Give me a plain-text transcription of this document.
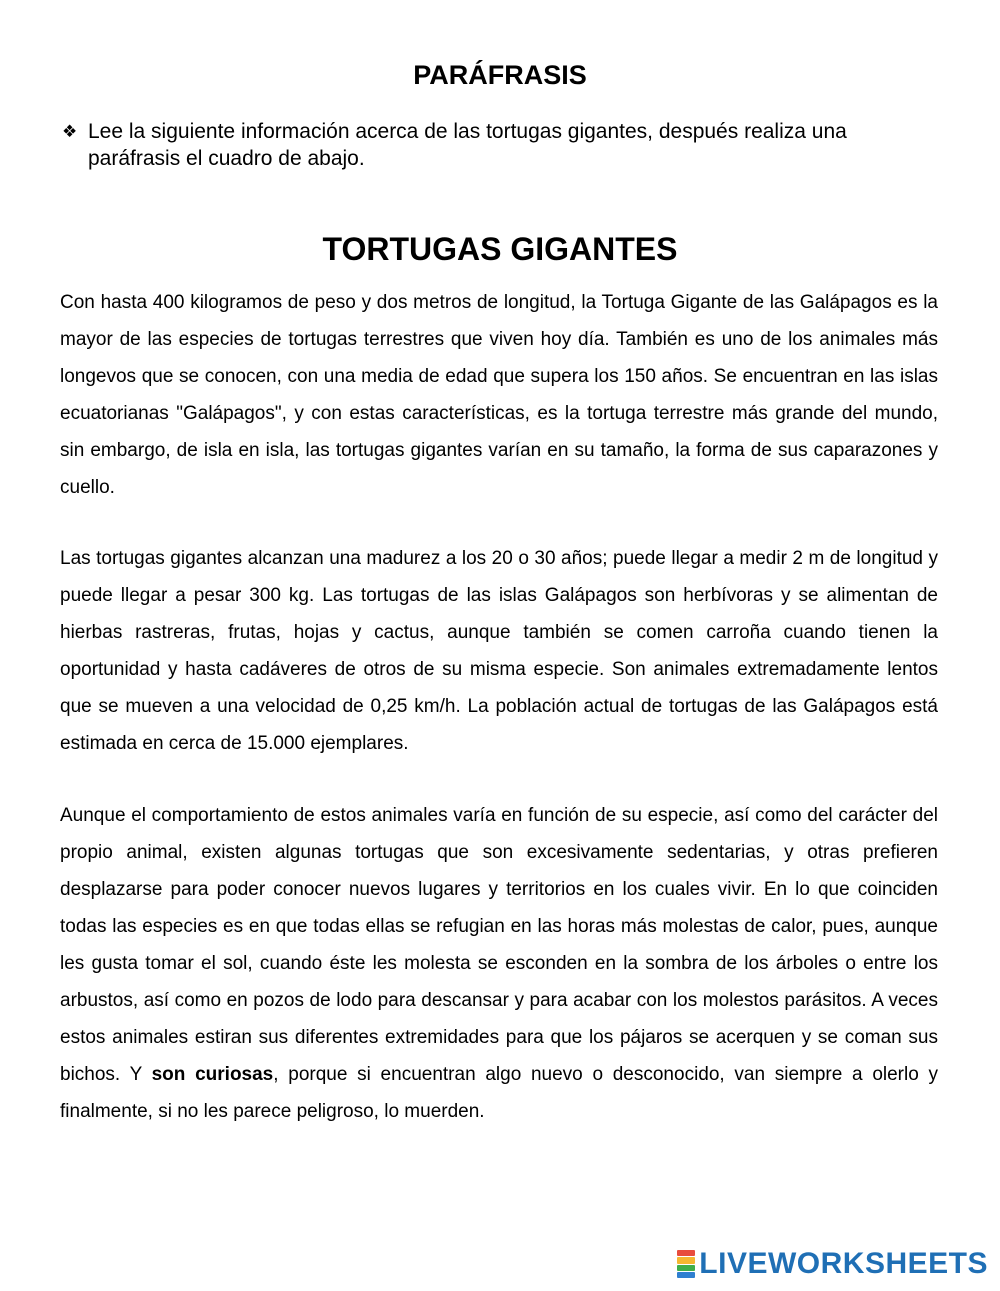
PARÁFRASIS
❖ Lee la siguiente información acerca de las tortugas gigantes, después realiza una paráfrasis el cuadro de abajo.
TORTUGAS GIGANTES

Con hasta 400 kilogramos de peso y dos metros de longitud, la Tortuga Gigante de las Galápagos es la mayor de las especies de tortugas terrestres que viven hoy día. También es uno de los animales más longevos que se conocen, con una media de edad que supera los 150 años. Se encuentran en las islas ecuatorianas "Galápagos", y con estas características, es la tortuga terrestre más grande del mundo, sin embargo, de isla en isla, las tortugas gigantes varían en su tamaño, la forma de sus caparazones y cuello.

Las tortugas gigantes alcanzan una madurez a los 20 o 30 años; puede llegar a medir 2 m de longitud y puede llegar a pesar 300 kg. Las tortugas de las islas Galápagos son herbívoras y se alimentan de hierbas rastreras, frutas, hojas y cactus, aunque también se comen carroña cuando tienen la oportunidad y hasta cadáveres de otros de su misma especie. Son animales extremadamente lentos que se mueven a una velocidad de 0,25 km/h. La población actual de tortugas de las Galápagos está estimada en cerca de 15.000 ejemplares.

Aunque el comportamiento de estos animales varía en función de su especie, así como del carácter del propio animal, existen algunas tortugas que son excesivamente sedentarias, y otras prefieren desplazarse para poder conocer nuevos lugares y territorios en los cuales vivir. En lo que coinciden todas las especies es en que todas ellas se refugian en las horas más molestas de calor, pues, aunque les gusta tomar el sol, cuando éste les molesta se esconden en la sombra de los árboles o entre los arbustos, así como en pozos de lodo para descansar y para acabar con los molestos parásitos. A veces estos animales estiran sus diferentes extremidades para que los pájaros se acerquen y se coman sus bichos. Y son curiosas, porque si encuentran algo nuevo o desconocido, van siempre a olerlo y finalmente, si no les parece peligroso, lo muerden.

LIVEWORKSHEETS
